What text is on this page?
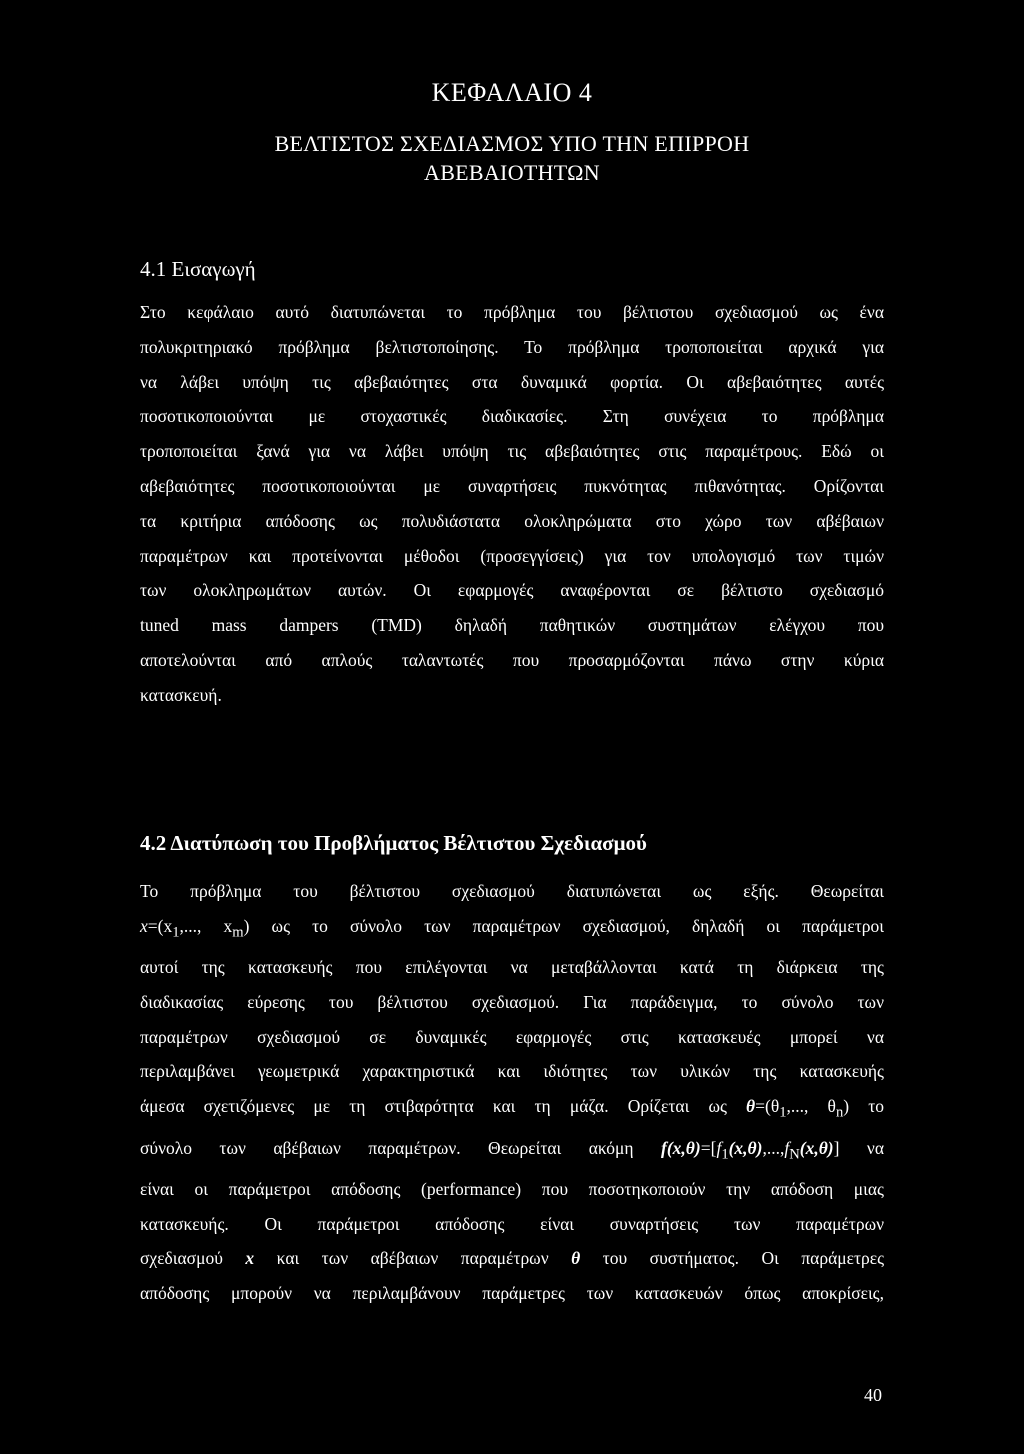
ΚΕΦΑΛΑΙΟ 4
ΒΕΛΤΙΣΤΟΣ ΣΧΕΔΙΑΣΜΟΣ ΥΠΟ ΤΗΝ ΕΠΙΡΡΟΗ
ΑΒΕΒΑΙΟΤΗΤΩΝ
4.1 Εισαγωγή
Στο κεφάλαιο αυτό διατυπώνεται το πρόβλημα του βέλτιστου σχεδιασμού ως ένα
πολυκριτηριακό πρόβλημα βελτιστοποίησης. Το πρόβλημα τροποποιείται αρχικά για
να λάβει υπόψη τις αβεβαιότητες στα δυναμικά φορτία. Οι αβεβαιότητες αυτές
ποσοτικοποιούνται με στοχαστικές διαδικασίες. Στη συνέχεια το πρόβλημα
τροποποιείται ξανά για να λάβει υπόψη τις αβεβαιότητες στις παραμέτρους. Εδώ οι
αβεβαιότητες ποσοτικοποιούνται με συναρτήσεις πυκνότητας πιθανότητας. Ορίζονται
τα κριτήρια απόδοσης ως πολυδιάστατα ολοκληρώματα στο χώρο των αβέβαιων
παραμέτρων και προτείνονται μέθοδοι (προσεγγίσεις) για τον υπολογισμό των τιμών
των ολοκληρωμάτων αυτών. Οι εφαρμογές αναφέρονται σε βέλτιστο σχεδιασμό
tuned mass dampers (TMD) δηλαδή παθητικών συστημάτων ελέγχου που
αποτελούνται από απλούς ταλαντωτές που προσαρμόζονται πάνω στην κύρια
κατασκευή.
4.2 Διατύπωση του Προβλήματος Βέλτιστου Σχεδιασμού
Το πρόβλημα του βέλτιστου σχεδιασμού διατυπώνεται ως εξής. Θεωρείται
$x=(x_1$,..., $x_m$) ως το σύνολο των παραμέτρων σχεδιασμού, δηλαδή οι παράμετροι
αυτοί της κατασκευής που επιλέγονται να μεταβάλλονται κατά τη διάρκεια της
διαδικασίας εύρεσης του βέλτιστου σχεδιασμού. Για παράδειγμα, το σύνολο των
παραμέτρων σχεδιασμού σε δυναμικές εφαρμογές στις κατασκευές μπορεί να
περιλαμβάνει γεωμετρικά χαρακτηριστικά και ιδιότητες των υλικών της κατασκευής
άμεσα σχετιζόμενες με τη στιβαρότητα και τη μάζα. Ορίζεται ως $\theta=(\theta_1$,..., $\theta_n$) το
σύνολο των αβέβαιων παραμέτρων. Θεωρείται ακόμη $f(x,\theta)=[f_1(x,\theta),...,f_N(x,\theta)]$ να
είναι οι παράμετροι απόδοσης (performance) που ποσοτηκοποιούν την απόδοση μιας
κατασκευής. Οι παράμετροι απόδοσης είναι συναρτήσεις των παραμέτρων
σχεδιασμού x και των αβέβαιων παραμέτρων θ του συστήματος. Οι παράμετρες
απόδοσης μπορούν να περιλαμβάνουν παράμετρες των κατασκευών όπως αποκρίσεις,
40
